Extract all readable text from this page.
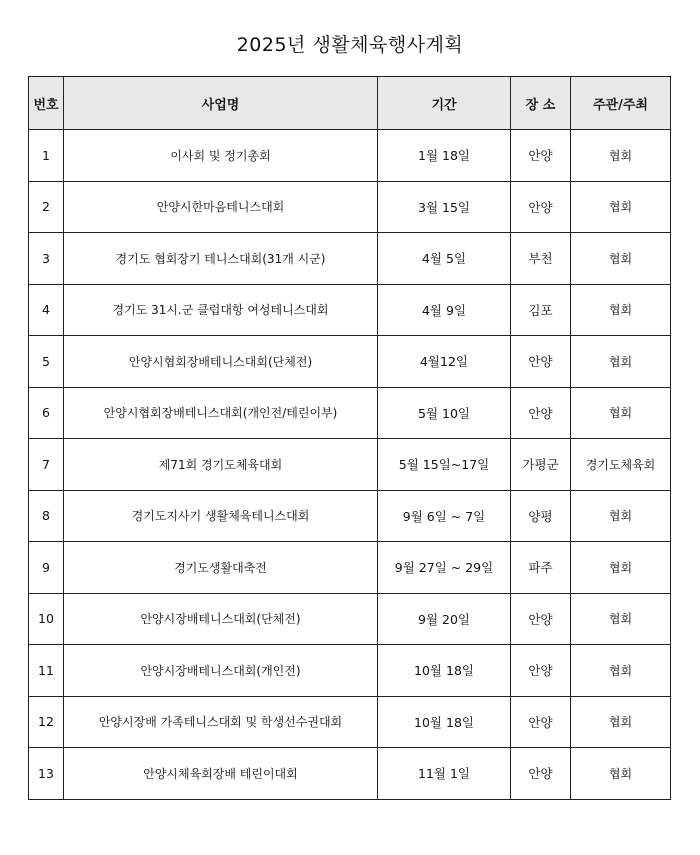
2025년 생활체육행사계획
번호	사업명	기간	장 소	주관/주최
1	이사회 및 정기총회	1월 18일	안양	협회
2	안양시한마음테니스대회	3월 15일	안양	협회
3	경기도 협회장기 테니스대회(31개 시군)	4월 5일	부천	협회
4	경기도 31시.군 클럽대항 여성테니스대회	4월 9일	김포	협회
5	안양시협회장배테니스대회(단체전)	4월12일	안양	협회
6	안양시협회장배테니스대회(개인전/테린이부)	5월 10일	안양	협회
7	제71회 경기도체육대회	5월 15일~17일	가평군	경기도체육회
8	경기도지사기 생활체육테니스대회	9월 6일 ~ 7일	양평	협회
9	경기도생활대축전	9월 27일 ~ 29일	파주	협회
10	안양시장배테니스대회(단체전)	9월 20일	안양	협회
11	안양시장배테니스대회(개인전)	10월 18일	안양	협회
12	안양시장배 가족테니스대회 및 학생선수권대회	10월 18일	안양	협회
13	안양시체육회장배 테린이대회	11월 1일	안양	협회
